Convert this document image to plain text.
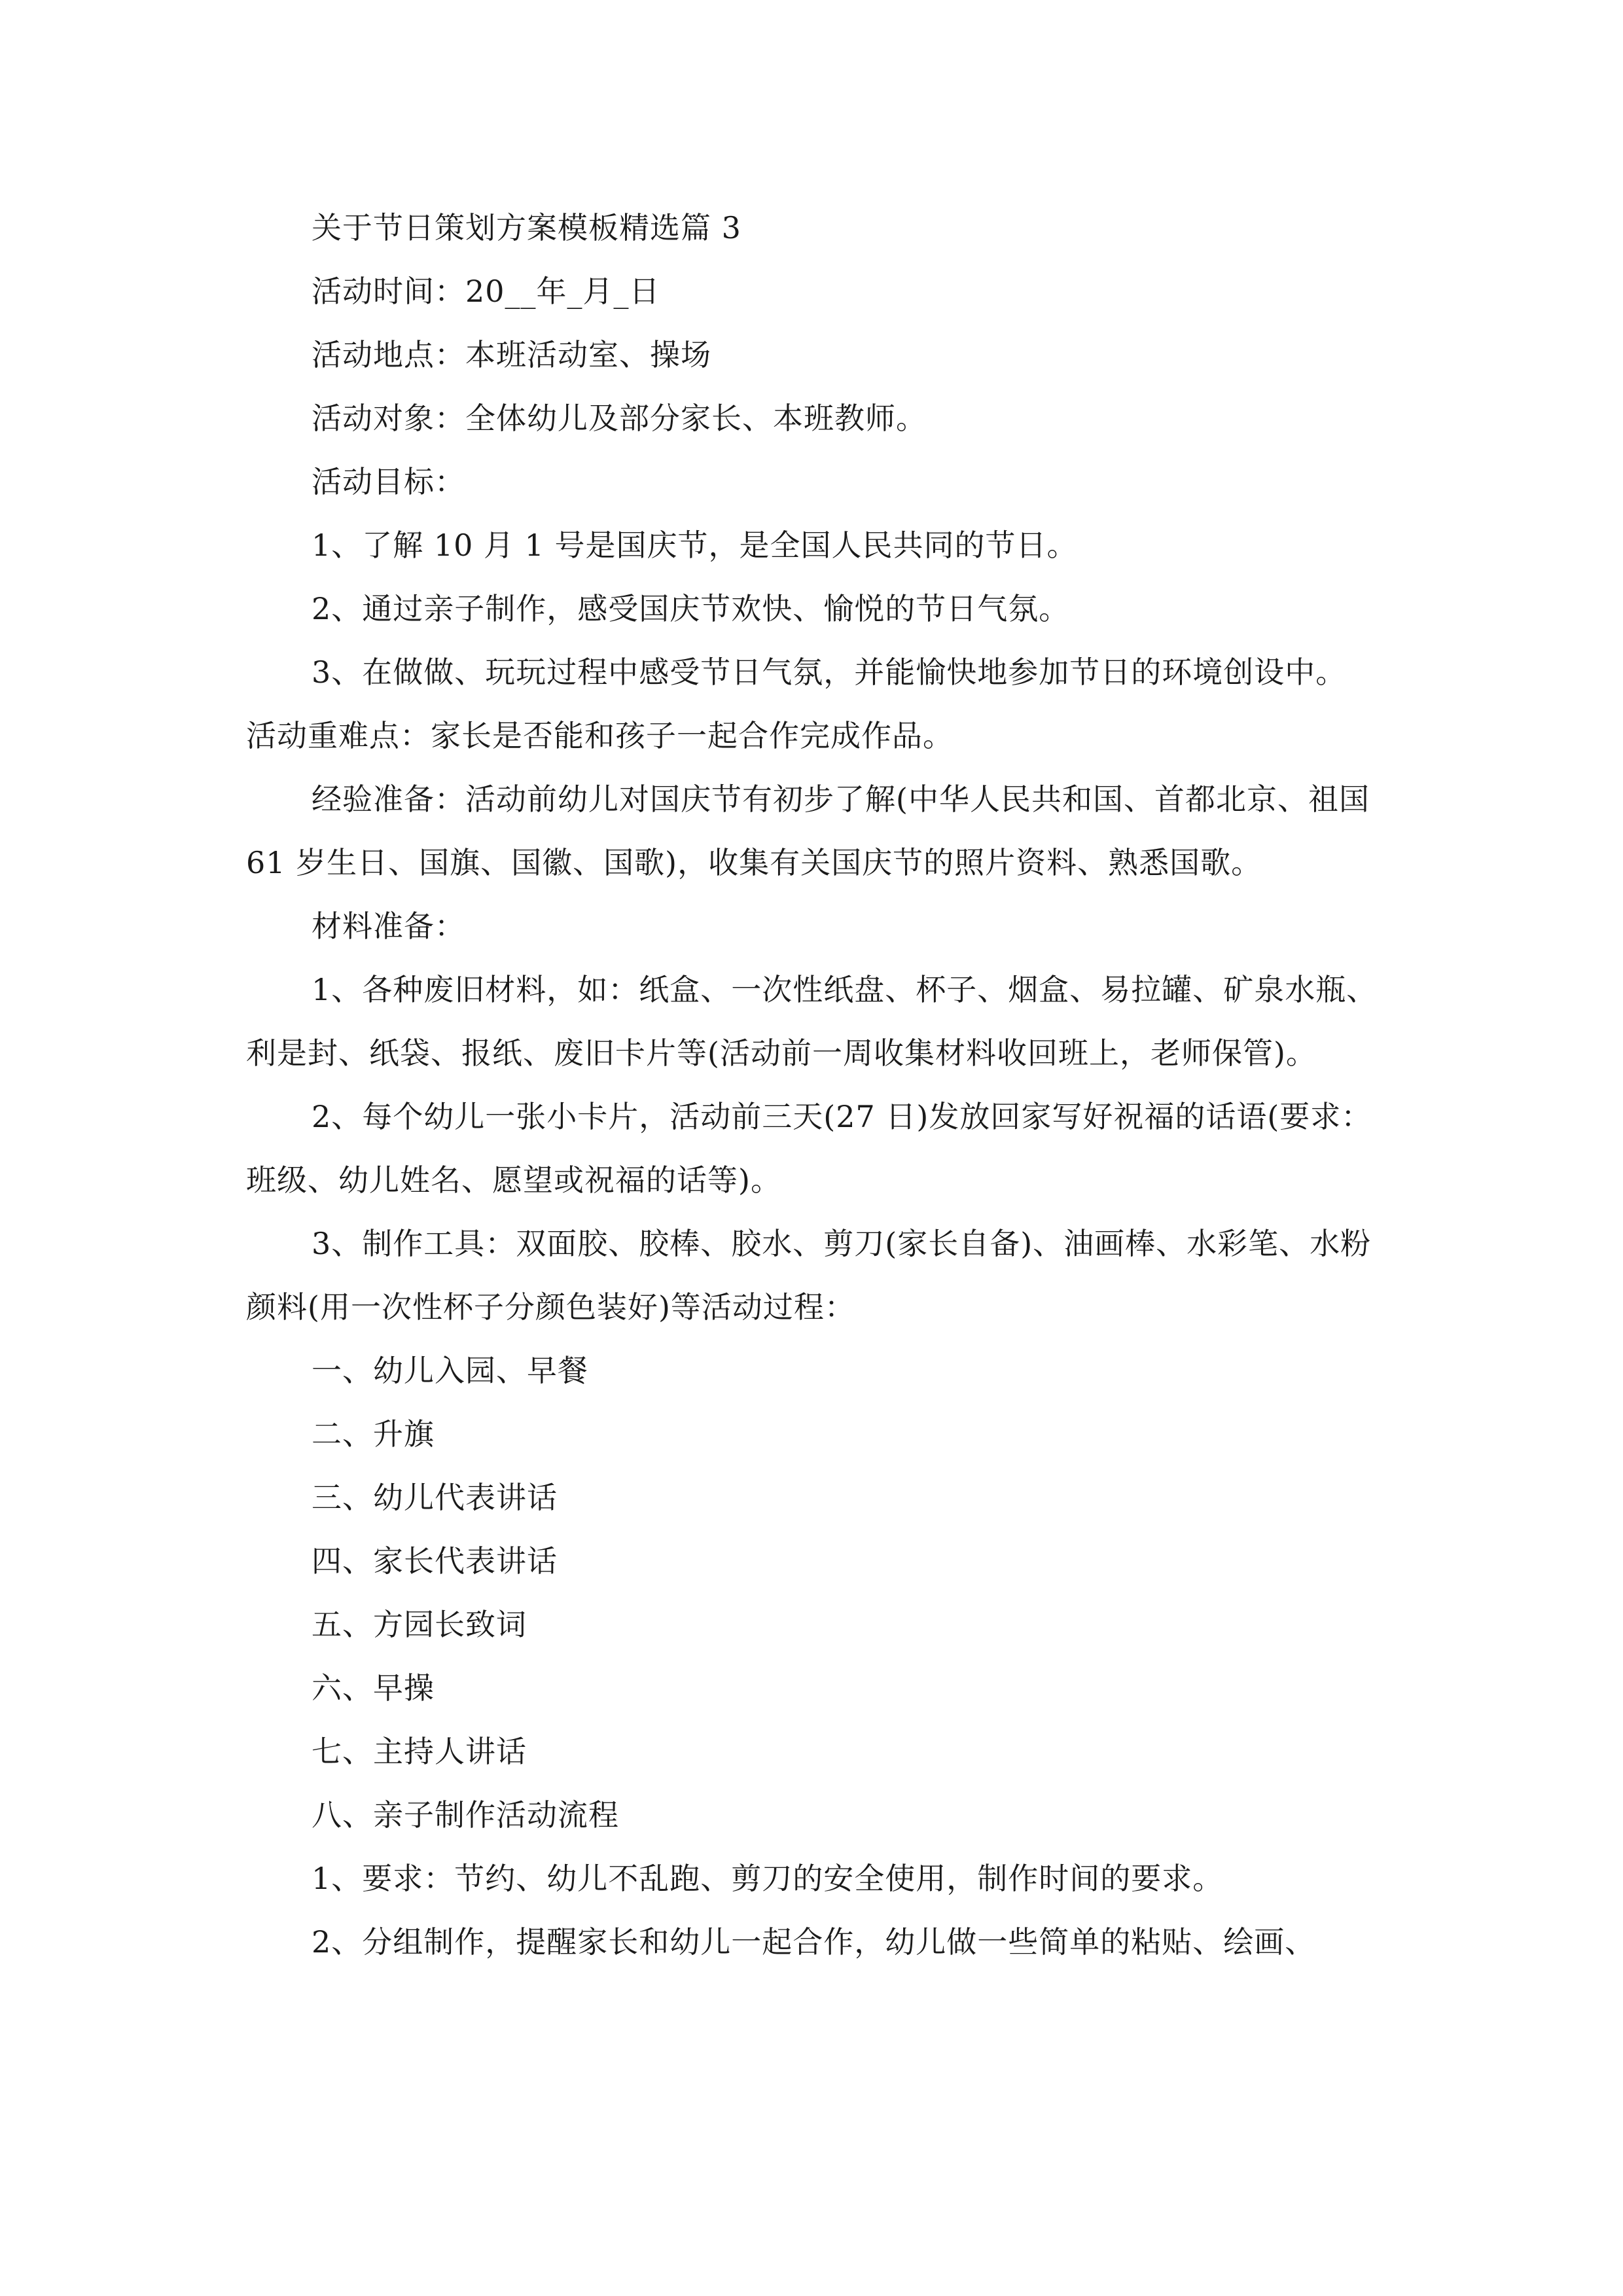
关于节日策划方案模板精选篇 3

活动时间：20__年_月_日

活动地点：本班活动室、操场

活动对象：全体幼儿及部分家长、本班教师。

活动目标：

1、了解 10 月 1 号是国庆节，是全国人民共同的节日。

2、通过亲子制作，感受国庆节欢快、愉悦的节日气氛。

3、在做做、玩玩过程中感受节日气氛，并能愉快地参加节日的环境创设中。

活动重难点：家长是否能和孩子一起合作完成作品。

经验准备：活动前幼儿对国庆节有初步了解(中华人民共和国、首都北京、祖国 61 岁生日、国旗、国徽、国歌)，收集有关国庆节的照片资料、熟悉国歌。

材料准备：

1、各种废旧材料，如：纸盒、一次性纸盘、杯子、烟盒、易拉罐、矿泉水瓶、利是封、纸袋、报纸、废旧卡片等(活动前一周收集材料收回班上，老师保管)。

2、每个幼儿一张小卡片，活动前三天(27 日)发放回家写好祝福的话语(要求：班级、幼儿姓名、愿望或祝福的话等)。

3、制作工具：双面胶、胶棒、胶水、剪刀(家长自备)、油画棒、水彩笔、水粉颜料(用一次性杯子分颜色装好)等活动过程：

一、幼儿入园、早餐

二、升旗

三、幼儿代表讲话

四、家长代表讲话

五、方园长致词

六、早操

七、主持人讲话

八、亲子制作活动流程

1、要求：节约、幼儿不乱跑、剪刀的安全使用，制作时间的要求。

2、分组制作，提醒家长和幼儿一起合作，幼儿做一些简单的粘贴、绘画、
